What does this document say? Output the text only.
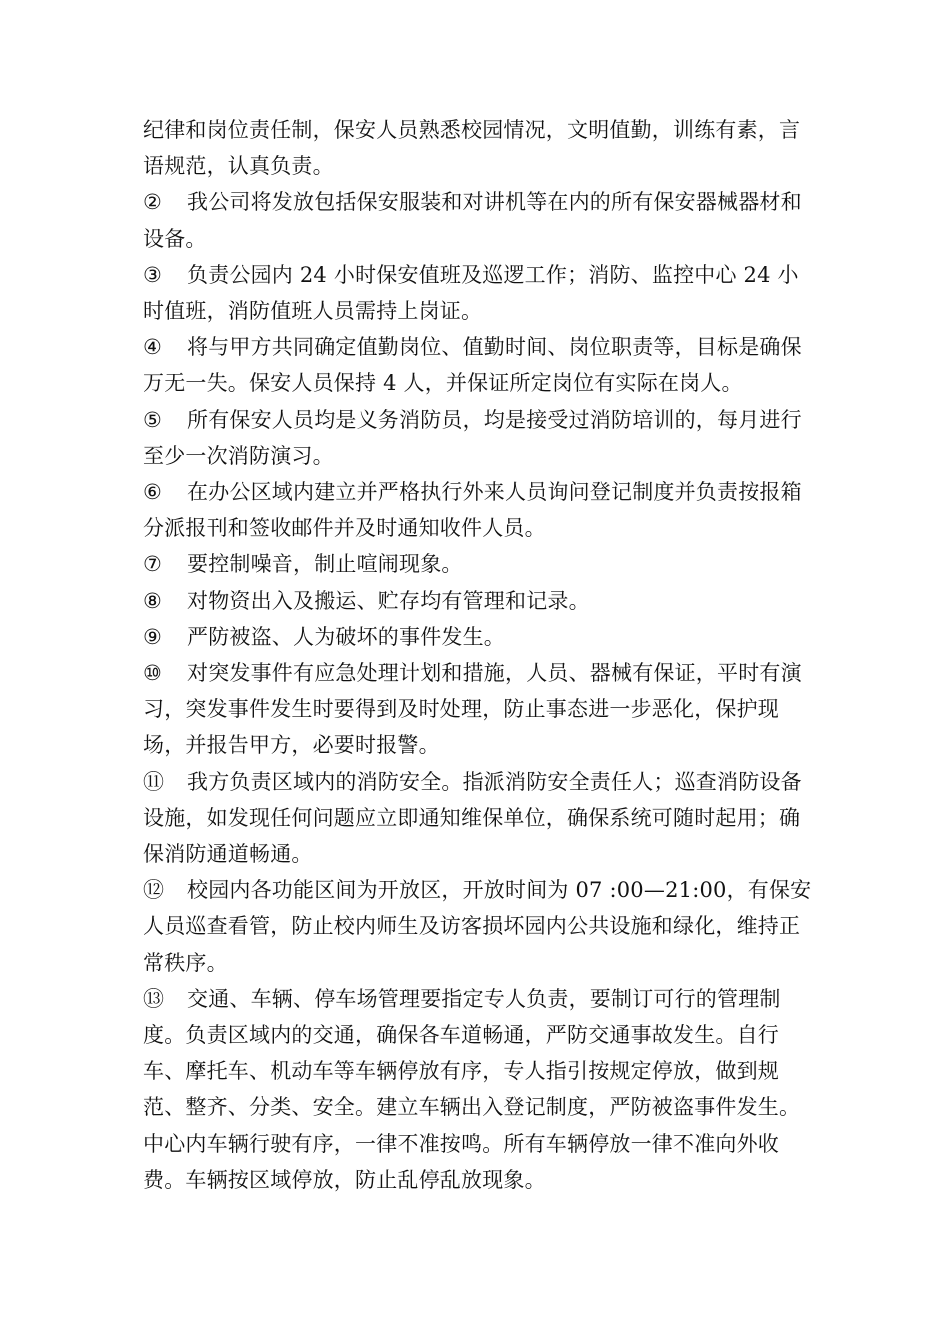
纪律和岗位责任制，保安人员熟悉校园情况，文明值勤，训练有素，言语规范，认真负责。

② 我公司将发放包括保安服装和对讲机等在内的所有保安器械器材和设备。

③ 负责公园内 24 小时保安值班及巡逻工作；消防、监控中心 24 小时值班，消防值班人员需持上岗证。

④ 将与甲方共同确定值勤岗位、值勤时间、岗位职责等，目标是确保万无一失。保安人员保持 4 人，并保证所定岗位有实际在岗人。

⑤ 所有保安人员均是义务消防员，均是接受过消防培训的，每月进行至少一次消防演习。

⑥ 在办公区域内建立并严格执行外来人员询问登记制度并负责按报箱分派报刊和签收邮件并及时通知收件人员。

⑦ 要控制噪音，制止喧闹现象。

⑧ 对物资出入及搬运、贮存均有管理和记录。

⑨ 严防被盗、人为破坏的事件发生。

⑩ 对突发事件有应急处理计划和措施，人员、器械有保证，平时有演习，突发事件发生时要得到及时处理，防止事态进一步恶化，保护现场，并报告甲方，必要时报警。

⑪ 我方负责区域内的消防安全。指派消防安全责任人；巡查消防设备设施，如发现任何问题应立即通知维保单位，确保系统可随时起用；确保消防通道畅通。

⑫ 校园内各功能区间为开放区，开放时间为 07 :00—21:00，有保安人员巡查看管，防止校内师生及访客损坏园内公共设施和绿化，维持正常秩序。

⑬ 交通、车辆、停车场管理要指定专人负责，要制订可行的管理制度。负责区域内的交通，确保各车道畅通，严防交通事故发生。自行车、摩托车、机动车等车辆停放有序，专人指引按规定停放，做到规范、整齐、分类、安全。建立车辆出入登记制度，严防被盗事件发生。中心内车辆行驶有序，一律不准按鸣。所有车辆停放一律不准向外收费。车辆按区域停放，防止乱停乱放现象。
